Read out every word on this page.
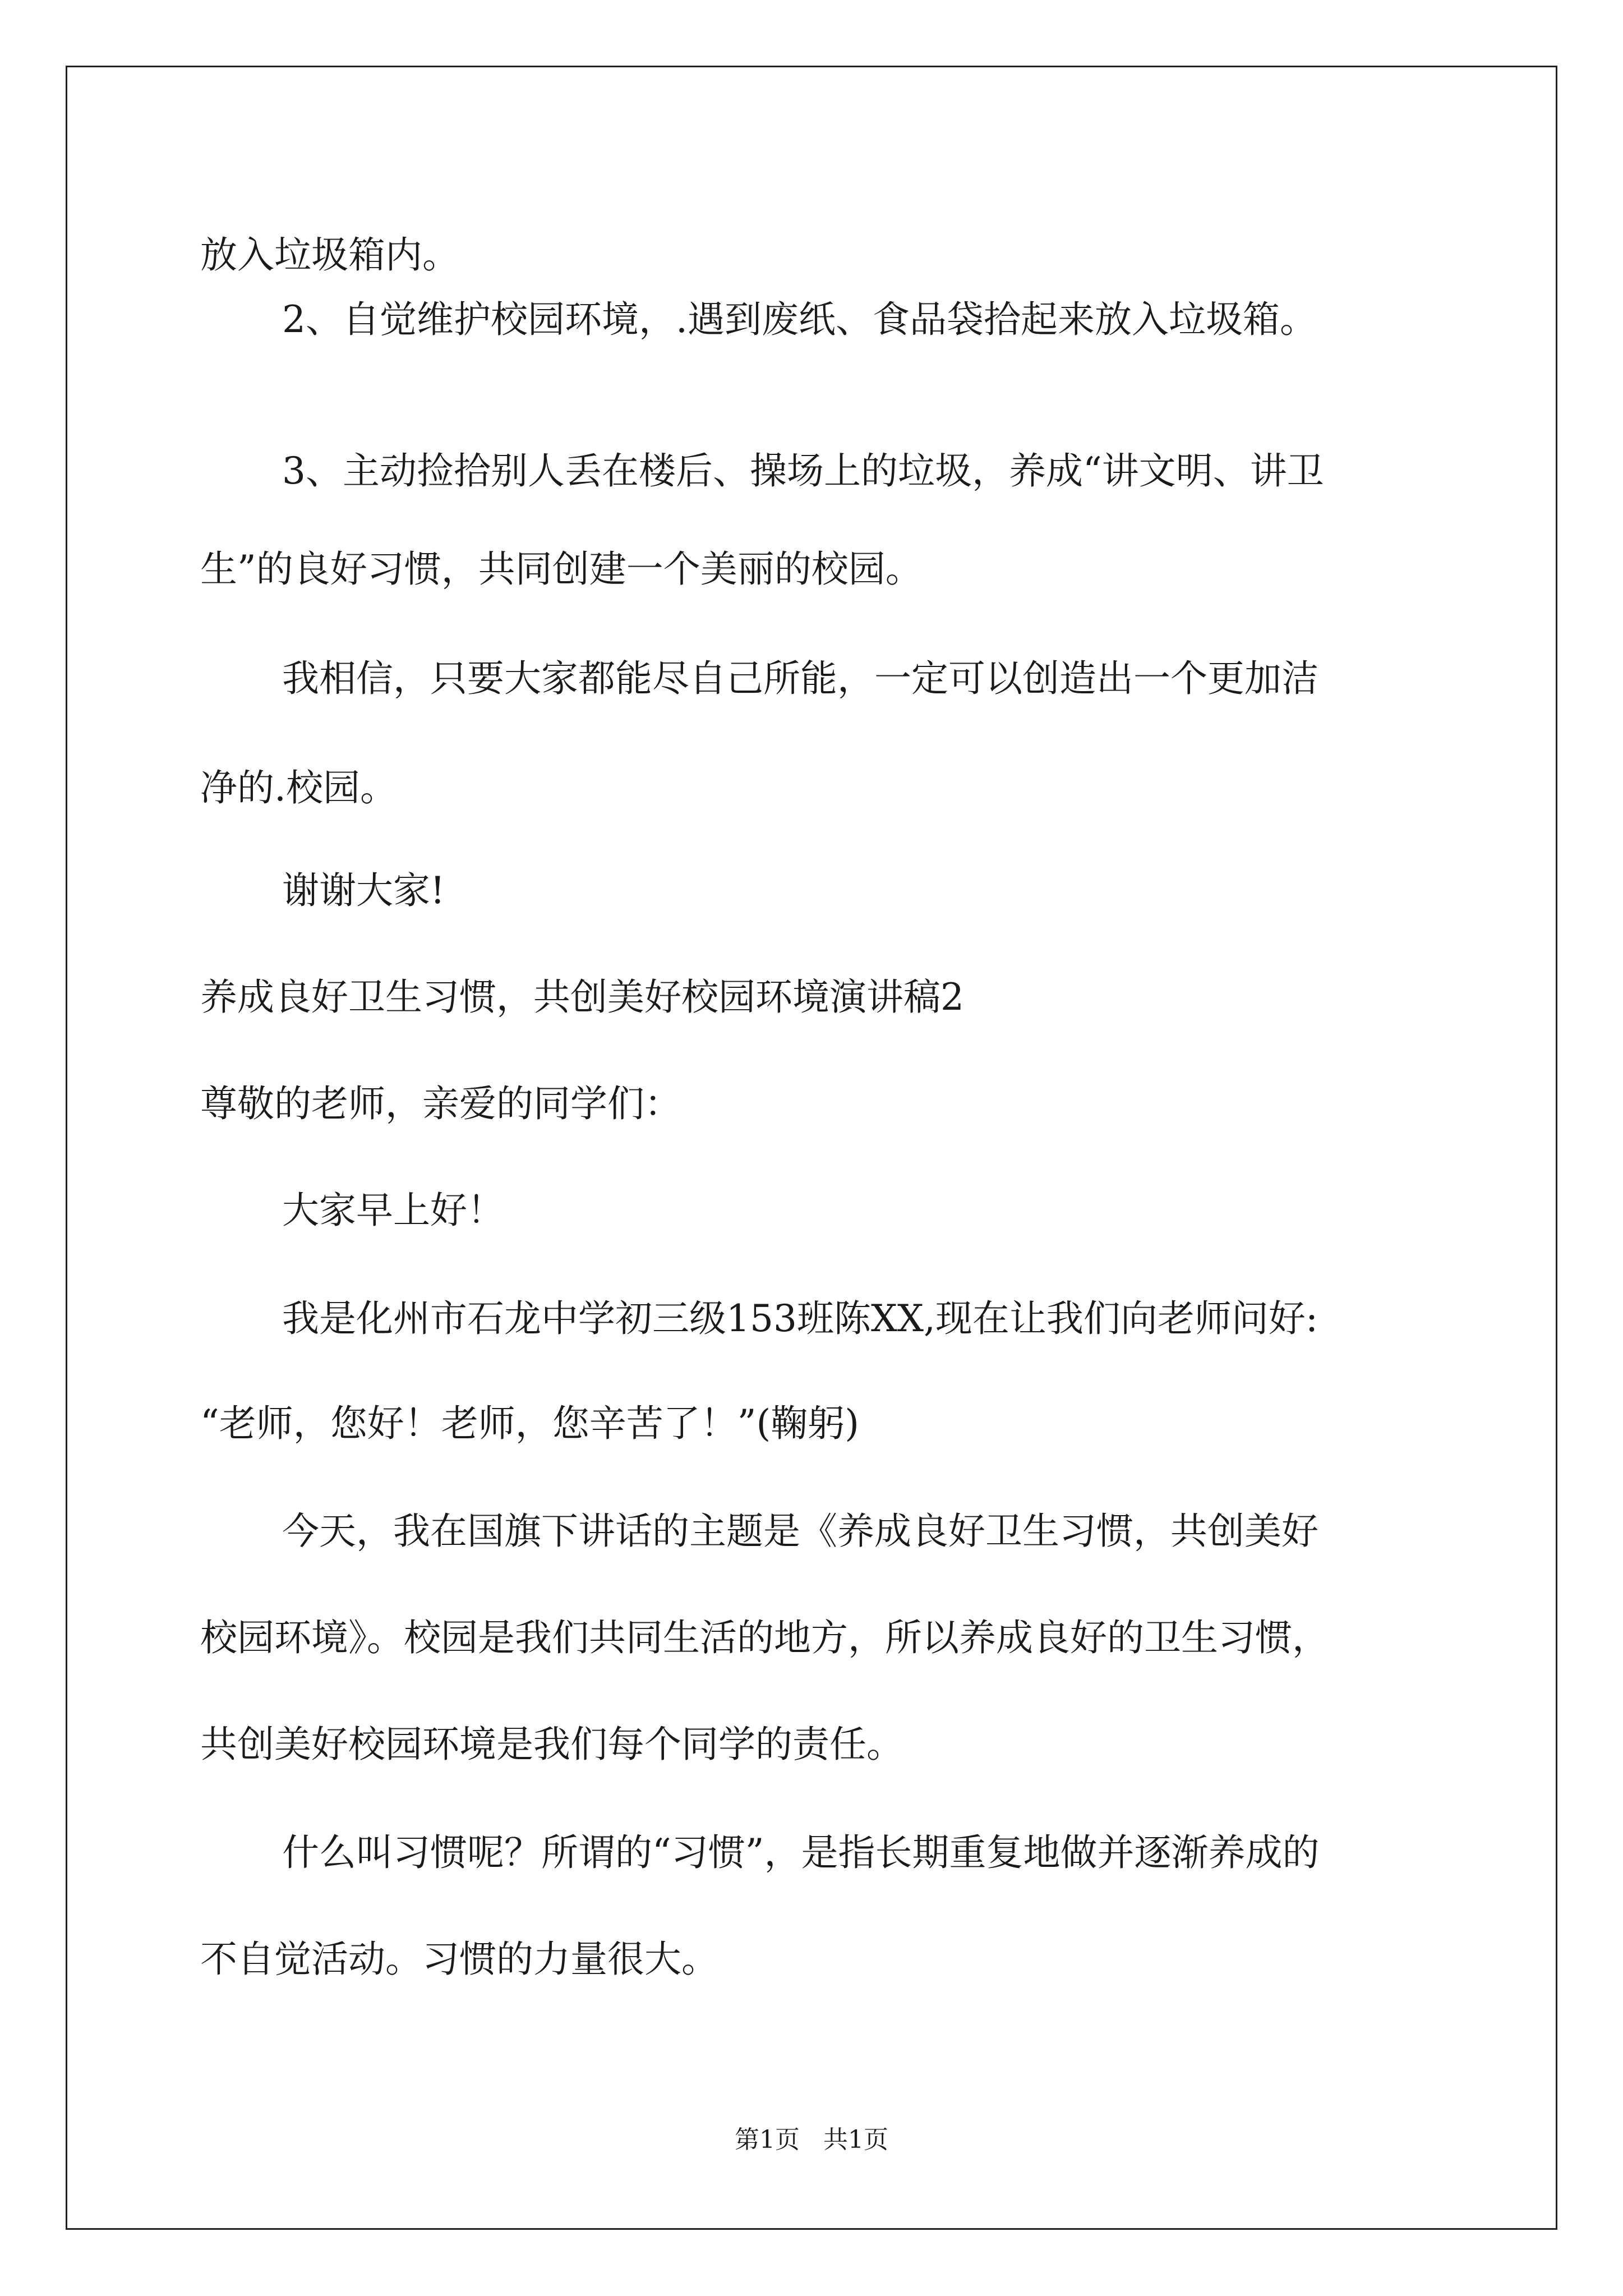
放入垃圾箱内。
2、自觉维护校园环境，.遇到废纸、食品袋拾起来放入垃圾箱。
3、主动捡拾别人丢在楼后、操场上的垃圾，养成“讲文明、讲卫
生”的良好习惯，共同创建一个美丽的校园。
我相信，只要大家都能尽自己所能，一定可以创造出一个更加洁
净的.校园。
谢谢大家!
养成良好卫生习惯，共创美好校园环境演讲稿2
尊敬的老师，亲爱的同学们：
大家早上好！
我是化州市石龙中学初三级153班陈XX,现在让我们向老师问好:
“老师，您好！老师，您辛苦了！”(鞠躬)
今天，我在国旗下讲话的主题是《养成良好卫生习惯，共创美好
校园环境》。校园是我们共同生活的地方，所以养成良好的卫生习惯，
共创美好校园环境是我们每个同学的责任。
什么叫习惯呢？所谓的“习惯”，是指长期重复地做并逐渐养成的
不自觉活动。习惯的力量很大。
第1页   共1页
